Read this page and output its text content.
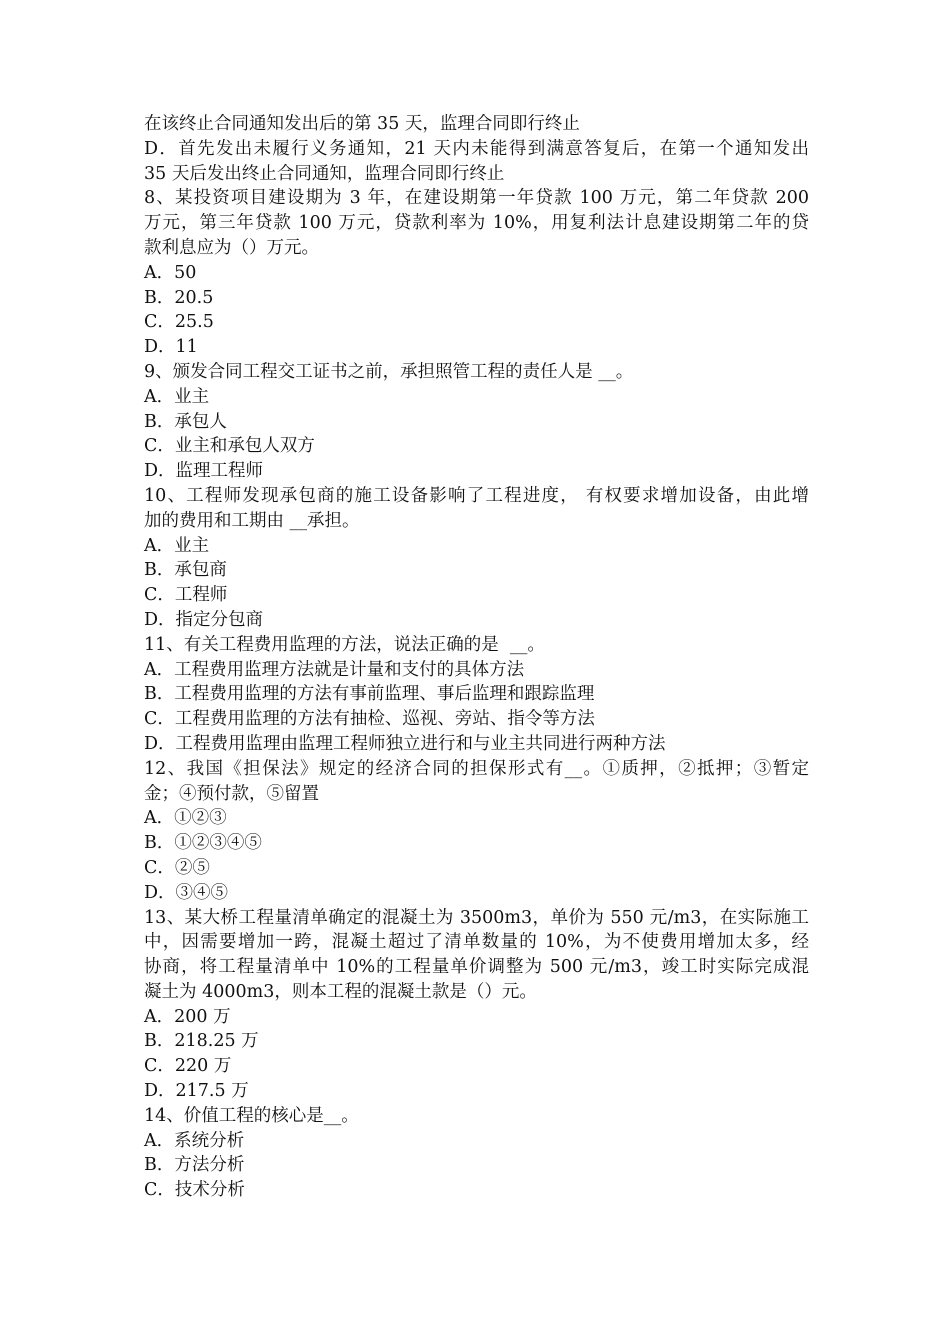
在该终止合同通知发出后的第 35 天，监理合同即行终止
D．首先发出未履行义务通知，21 天内未能得到满意答复后，在第一个通知发出
35 天后发出终止合同通知，监理合同即行终止
8、某投资项目建设期为 3 年，在建设期第一年贷款 100 万元，第二年贷款 200
万元，第三年贷款 100 万元，贷款利率为 10%，用复利法计息建设期第二年的贷
款利息应为（）万元。
A．50
B．20.5
C．25.5
D．11
9、颁发合同工程交工证书之前，承担照管工程的责任人是 __。
A．业主
B．承包人
C．业主和承包人双方
D．监理工程师
10、工程师发现承包商的施工设备影响了工程进度， 有权要求增加设备，由此增
加的费用和工期由 __承担。
A．业主
B．承包商
C．工程师
D．指定分包商
11、有关工程费用监理的方法，说法正确的是  __。
A．工程费用监理方法就是计量和支付的具体方法
B．工程费用监理的方法有事前监理、事后监理和跟踪监理
C．工程费用监理的方法有抽检、巡视、旁站、指令等方法
D．工程费用监理由监理工程师独立进行和与业主共同进行两种方法
12、我国《担保法》规定的经济合同的担保形式有__。①质押，②抵押；③暂定
金；④预付款，⑤留置
A．①②③
B．①②③④⑤
C．②⑤
D．③④⑤
13、某大桥工程量清单确定的混凝土为 3500m3，单价为 550 元/m3，在实际施工
中，因需要增加一跨，混凝土超过了清单数量的 10%，为不使费用增加太多，经
协商，将工程量清单中 10%的工程量单价调整为 500 元/m3，竣工时实际完成混
凝土为 4000m3，则本工程的混凝土款是（）元。
A．200 万
B．218.25 万
C．220 万
D．217.5 万
14、价值工程的核心是__。
A．系统分析
B．方法分析
C．技术分析
